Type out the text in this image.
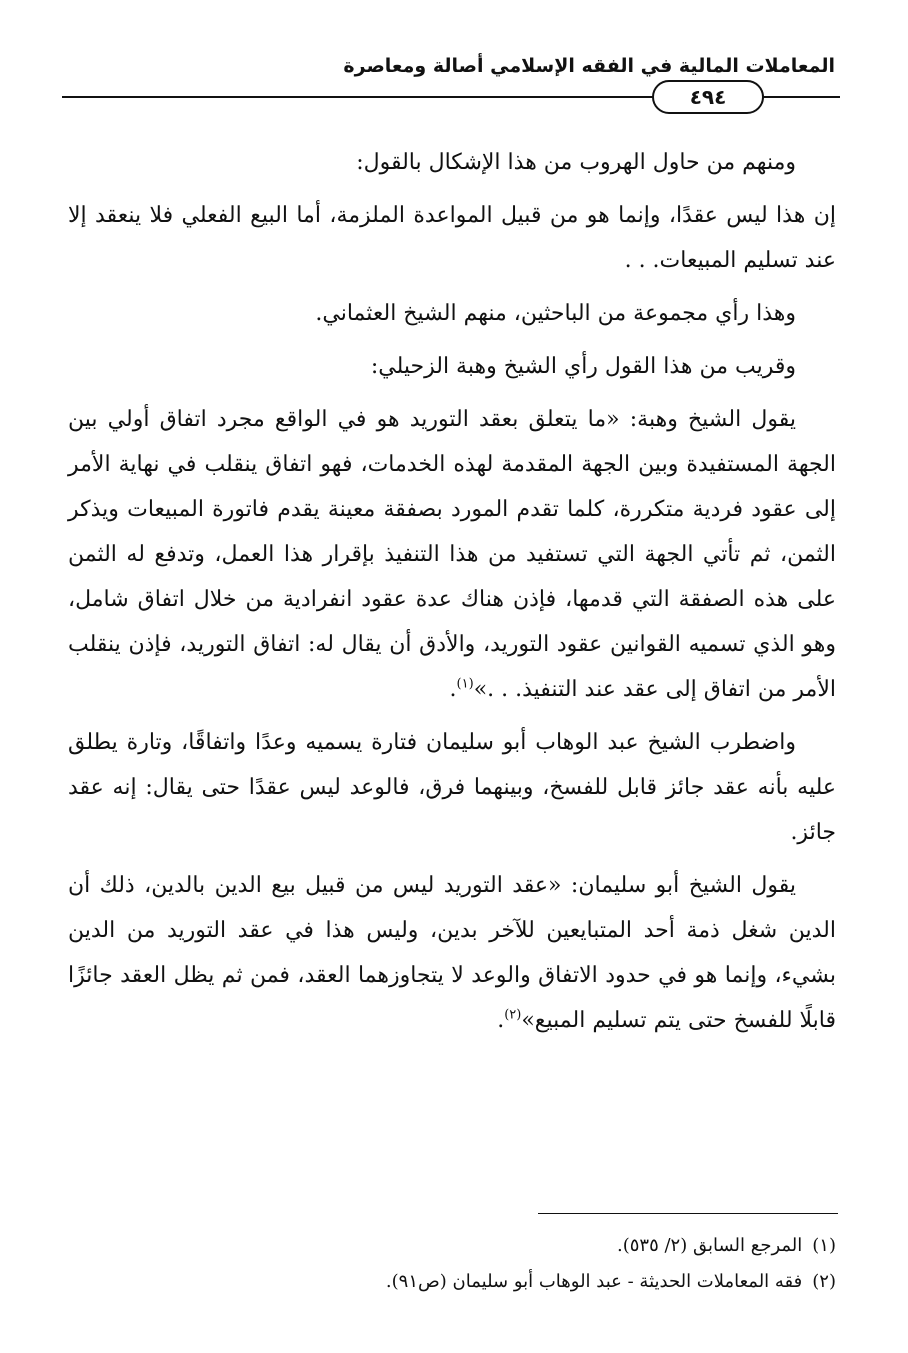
المعاملات المالية في الفقه الإسلامي أصالة ومعاصرة
٤٩٤

ومنهم من حاول الهروب من هذا الإشكال بالقول:

إن هذا ليس عقدًا، وإنما هو من قبيل المواعدة الملزمة، أما البيع الفعلي فلا ينعقد إلا عند تسليم المبيعات. . .

وهذا رأي مجموعة من الباحثين، منهم الشيخ العثماني.

وقريب من هذا القول رأي الشيخ وهبة الزحيلي:

يقول الشيخ وهبة: «ما يتعلق بعقد التوريد هو في الواقع مجرد اتفاق أولي بين الجهة المستفيدة وبين الجهة المقدمة لهذه الخدمات، فهو اتفاق ينقلب في نهاية الأمر إلى عقود فردية متكررة، كلما تقدم المورد بصفقة معينة يقدم فاتورة المبيعات ويذكر الثمن، ثم تأتي الجهة التي تستفيد من هذا التنفيذ بإقرار هذا العمل، وتدفع له الثمن على هذه الصفقة التي قدمها، فإذن هناك عدة عقود انفرادية من خلال اتفاق شامل، وهو الذي تسميه القوانين عقود التوريد، والأدق أن يقال له: اتفاق التوريد، فإذن ينقلب الأمر من اتفاق إلى عقد عند التنفيذ. . .»$^{(١)}$.

واضطرب الشيخ عبد الوهاب أبو سليمان فتارة يسميه وعدًا واتفاقًا، وتارة يطلق عليه بأنه عقد جائز قابل للفسخ، وبينهما فرق، فالوعد ليس عقدًا حتى يقال: إنه عقد جائز.

يقول الشيخ أبو سليمان: «عقد التوريد ليس من قبيل بيع الدين بالدين، ذلك أن الدين شغل ذمة أحد المتبايعين للآخر بدين، وليس هذا في عقد التوريد من الدين بشيء، وإنما هو في حدود الاتفاق والوعد لا يتجاوزهما العقد، فمن ثم يظل العقد جائزًا قابلًا للفسخ حتى يتم تسليم المبيع»$^{(٢)}$.

(١)المرجع السابق (٢/ ٥٣٥).

(٢)فقه المعاملات الحديثة - عبد الوهاب أبو سليمان (ص٩١).
